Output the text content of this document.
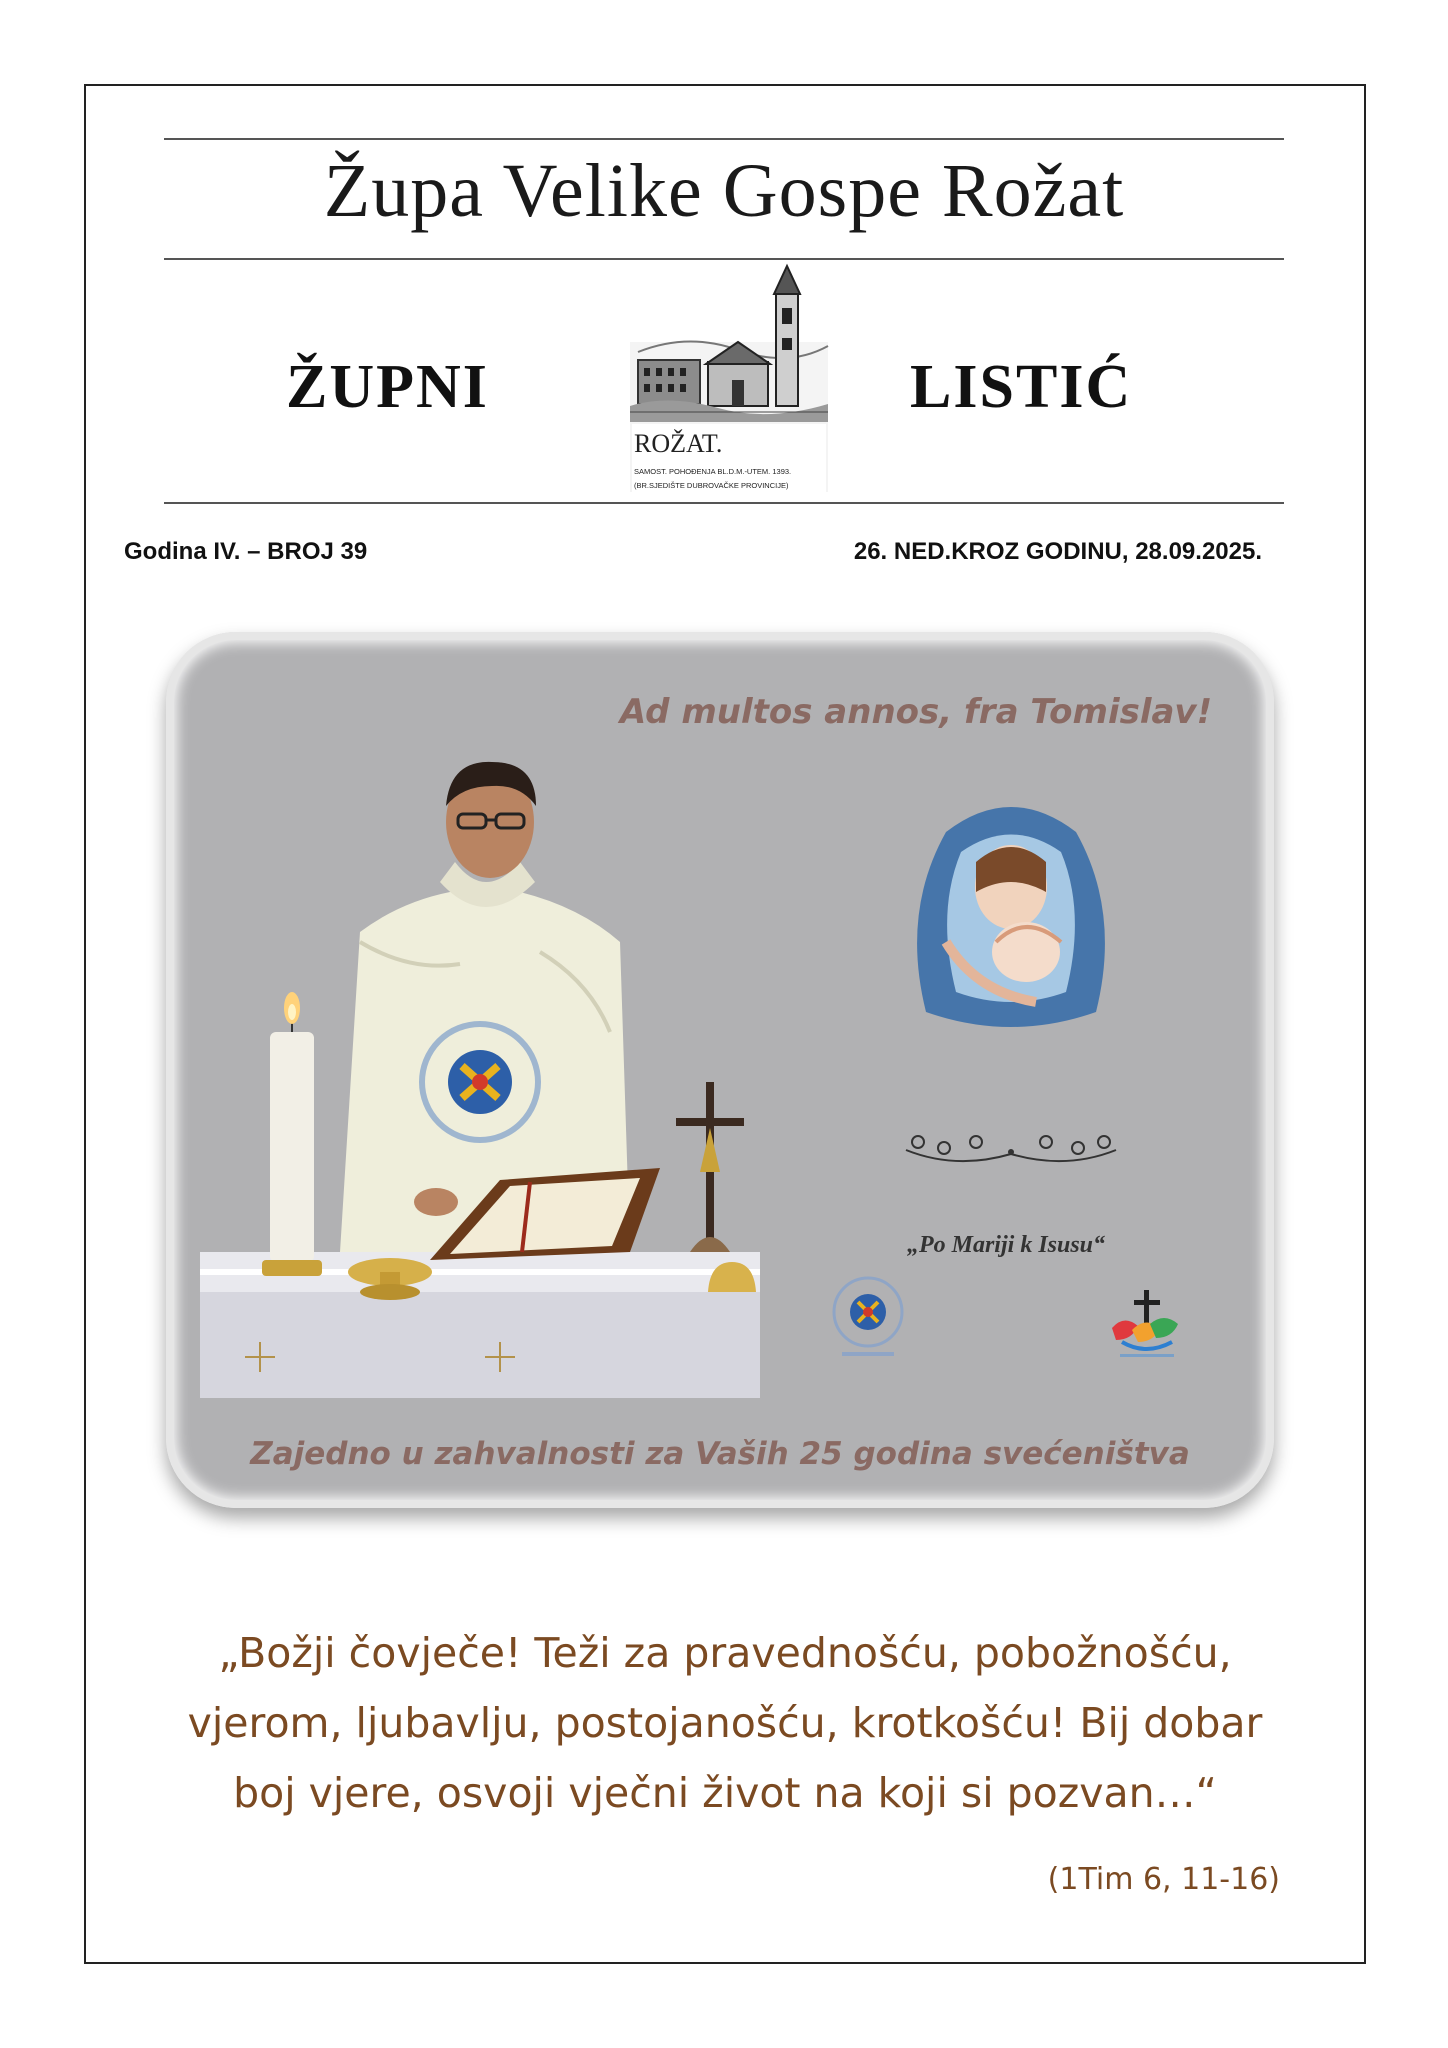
Župa Velike Gospe Rožat
ŽUPNI	LISTIĆ
ROŽAT.
SAMOST. POHOĐENJA BL.D.M.-UTEM. 1393.
(BR.SJEDIŠTE DUBROVAČKE PROVINCIJE)
Godina IV. – BROJ 39	26. NED.KROZ GODINU, 28.09.2025.
Ad multos annos, fra Tomislav!
„Po Mariji k Isusu“
Zajedno u zahvalnosti za Vaših 25 godina svećeništva
„Božji čovječe! Teži za pravednošću, pobožnošću,
vjerom, ljubavlju, postojanošću, krotkošću! Bij dobar
boj vjere, osvoji vječni život na koji si pozvan…“
(1Tim 6, 11-16)
